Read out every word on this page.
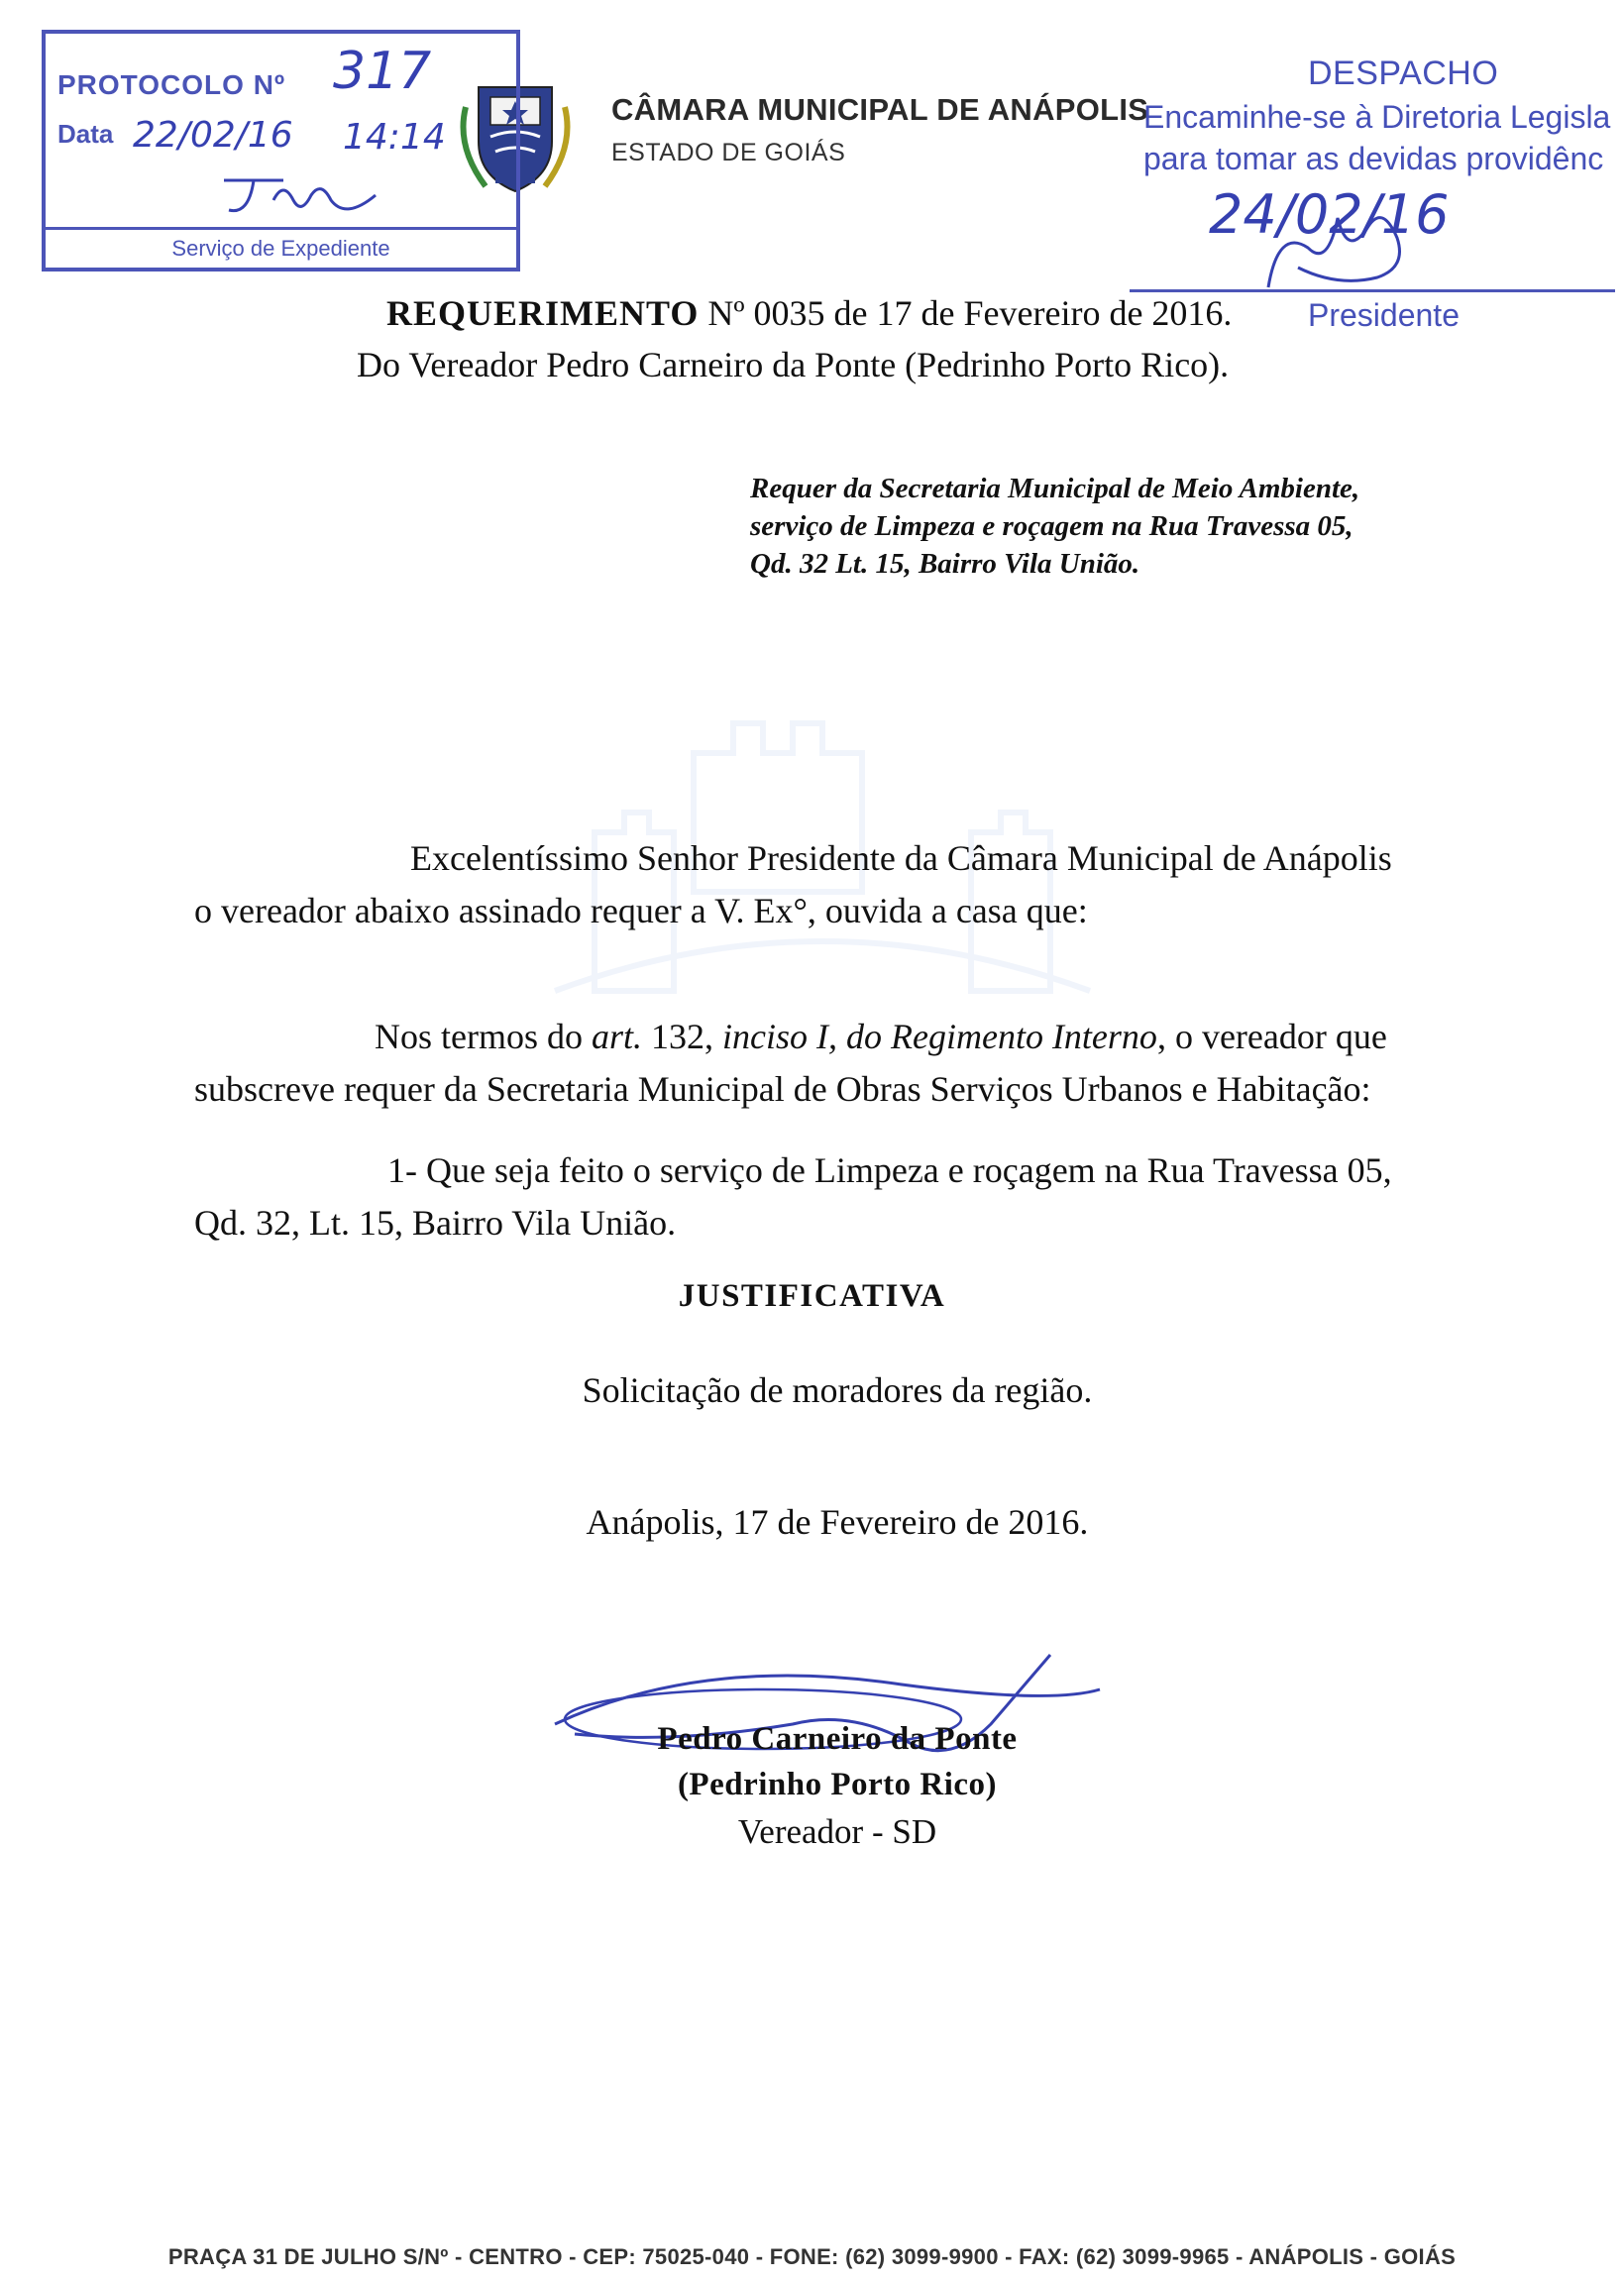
CÂMARA MUNICIPAL DE ANÁPOLIS
ESTADO DE GOIÁS
PROTOCOLO Nº 317
Data 22/02/16 14:14
Serviço de Expediente
DESPACHO
Encaminhe-se à Diretoria Legisla
para tomar as devidas providênc
24/02/16
Presidente
REQUERIMENTO Nº 0035 de 17 de Fevereiro de 2016.
Do Vereador Pedro Carneiro da Ponte (Pedrinho Porto Rico).
Requer da Secretaria Municipal de Meio Ambiente,
serviço de Limpeza e roçagem na Rua Travessa 05,
Qd. 32 Lt. 15, Bairro Vila União.
Excelentíssimo Senhor Presidente da Câmara Municipal de Anápolis
o vereador abaixo assinado requer a V. Ex°, ouvida a casa que:
Nos termos do art. 132, inciso I, do Regimento Interno, o vereador que
subscreve requer da Secretaria Municipal de Obras Serviços Urbanos e Habitação:
1- Que seja feito o serviço de Limpeza e roçagem na Rua Travessa 05,
Qd. 32, Lt. 15, Bairro Vila União.
JUSTIFICATIVA
Solicitação de moradores da região.
Anápolis, 17 de Fevereiro de 2016.
Pedro Carneiro da Ponte
(Pedrinho Porto Rico)
Vereador - SD
PRAÇA 31 DE JULHO S/Nº - CENTRO - CEP: 75025-040 - FONE: (62) 3099-9900 - FAX: (62) 3099-9965 - ANÁPOLIS - GOIÁS
